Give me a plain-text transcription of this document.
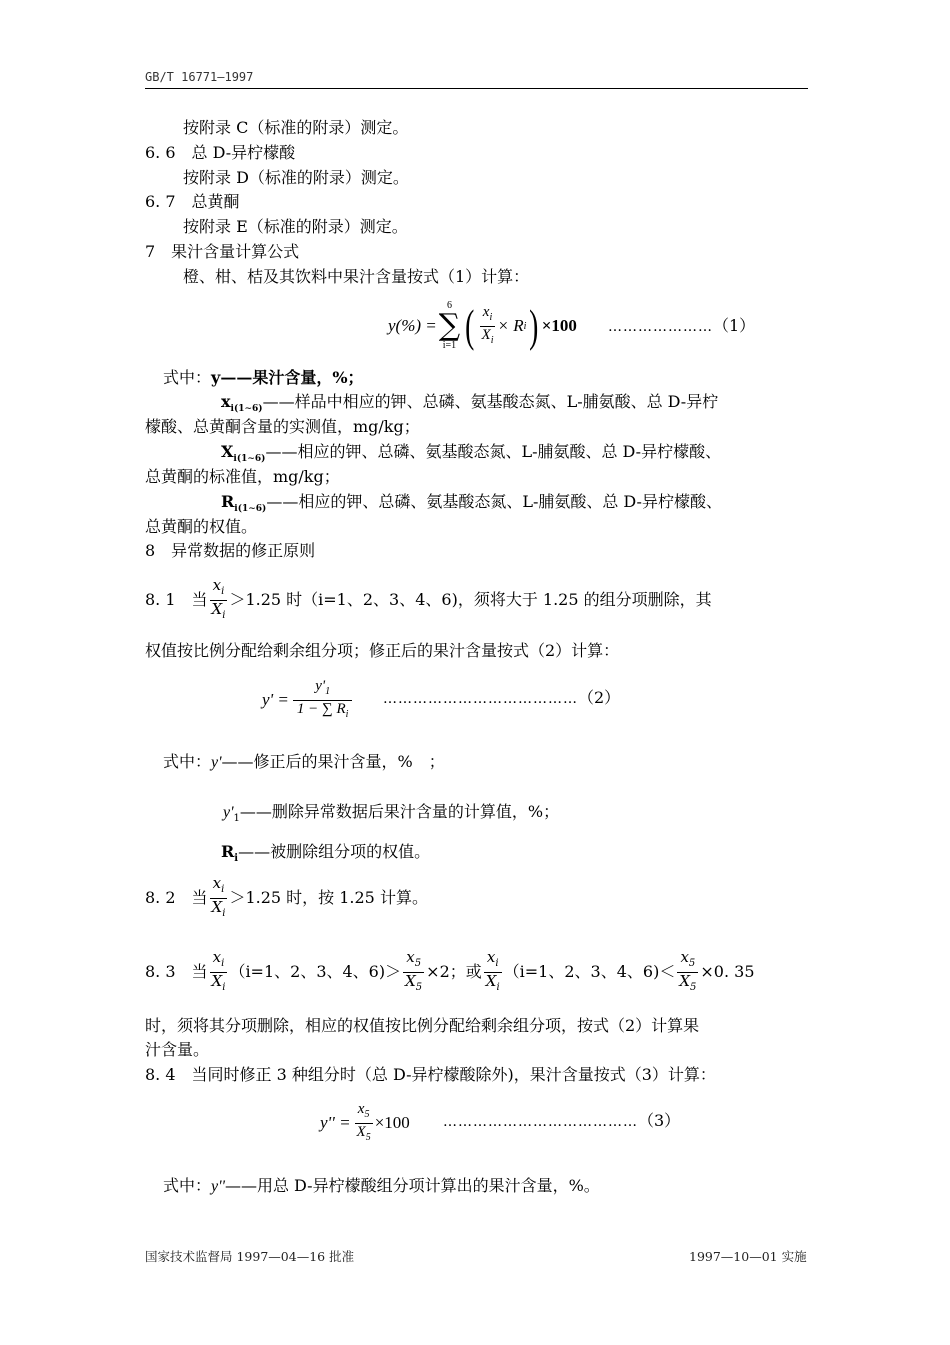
GB/T 16771—1997
按附录 C（标准的附录）测定。
6. 6　总 D-异柠檬酸
按附录 D（标准的附录）测定。
6. 7　总黄酮
按附录 E（标准的附录）测定。
7　果汁含量计算公式
橙、柑、桔及其饮料中果汁含量按式（1）计算：
y(%) =
6
∑
i=1 ( $\frac{x_i}{X_i} \times R$ i ) ×100 …………………（1）
式中：y——果汁含量，%；
$x_{i(1\sim 6)}——$样品中相应的钾、总磷、氨基酸态氮、L-脯氨酸、总 D-异柠
檬酸、总黄酮含量的实测值，mg/kg；
$X_{i(1\sim 6)}——$相应的钾、总磷、氨基酸态氮、L-脯氨酸、总 D-异柠檬酸、
总黄酮的标准值，mg/kg；
$R_{i(1\sim 6)}——$相应的钾、总磷、氨基酸态氮、L-脯氨酸、总 D-异柠檬酸、
总黄酮的权值。
8　异常数据的修正原则
8. 1　当 $\frac{x_i}{X_i} >1.25$ 时（i=1、2、3、4、6)，须将大于 1.25 的组分项删除，其
权值按比例分配给剩余组分项；修正后的果汁含量按式（2）计算：
$y' = \frac{y'_1}{1 - \sum R_i}$ …………………………………（2）
式中：y'——修正后的果汁含量，%　；
$y'_1——$删除异常数据后果汁含量的计算值，%；
$R_i——$被删除组分项的权值。
8. 2　当 $\frac{x_i}{X_i} >1.25$ 时，按 1.25 计算。
8. 3　当 $\frac{x_i}{X_i} (i=1$、2、3、4、$6)> \frac{x_5}{X_5} \times 2$；或 $\frac{x_i}{X_i} (i=1$、2、3、4、$6)< \frac{x_5}{X_5} \times 0$. 35
时，须将其分项删除，相应的权值按比例分配给剩余组分项，按式（2）计算果
汁含量。
8. 4　当同时修正 3 种组分时（总 D-异柠檬酸除外)，果汁含量按式（3）计算：
$y'' = \frac{x_5}{X_5} \times 100$ …………………………………（3）
式中：y''——用总 D-异柠檬酸组分项计算出的果汁含量，%。
国家技术监督局 1997—04—16 批准	1997—10—01 实施
